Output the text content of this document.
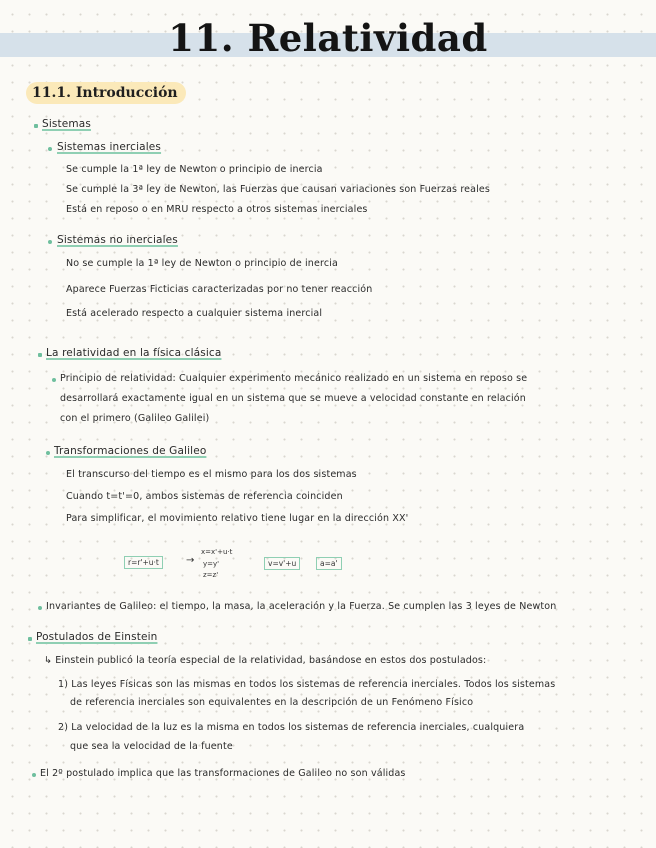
11. Relatividad
11.1. Introducción

Sistemas

Sistemas inerciales

Se cumple la 1ª ley de Newton o principio de inercia

Se cumple la 3ª ley de Newton, las Fuerzas que causan variaciones son Fuerzas reales

Está en reposo o en MRU respecto a otros sistemas inerciales

Sistemas no inerciales

No se cumple la 1ª ley de Newton o principio de inercia

Aparece Fuerzas Ficticias caracterizadas por no tener reacción

Está acelerado respecto a cualquier sistema inercial

La relatividad en la física clásica

Principio de relatividad: Cualquier experimento mecánico realizado en un sistema en reposo se

desarrollará exactamente igual en un sistema que se mueve a velocidad constante en relación

con el primero (Galileo Galilei)

Transformaciones de Galileo

El transcurso del tiempo es el mismo para los dos sistemas

Cuando t=t'=0, ambos sistemas de referencia coinciden

Para simplificar, el movimiento relativo tiene lugar en la dirección XX'

r=r'+u·t	→
x=x'+u·t
y=y'
z=z'
v=v'+u	a=a'

Invariantes de Galileo: el tiempo, la masa, la aceleración y la Fuerza. Se cumplen las 3 leyes de Newton

Postulados de Einstein

↳ Einstein publicó la teoría especial de la relatividad, basándose en estos dos postulados:

1) Las leyes Físicas son las mismas en todos los sistemas de referencia inerciales. Todos los sistemas

de referencia inerciales son equivalentes en la descripción de un Fenómeno Físico

2) La velocidad de la luz es la misma en todos los sistemas de referencia inerciales, cualquiera

que sea la velocidad de la fuente

El 2º postulado implica que las transformaciones de Galileo no son válidas
